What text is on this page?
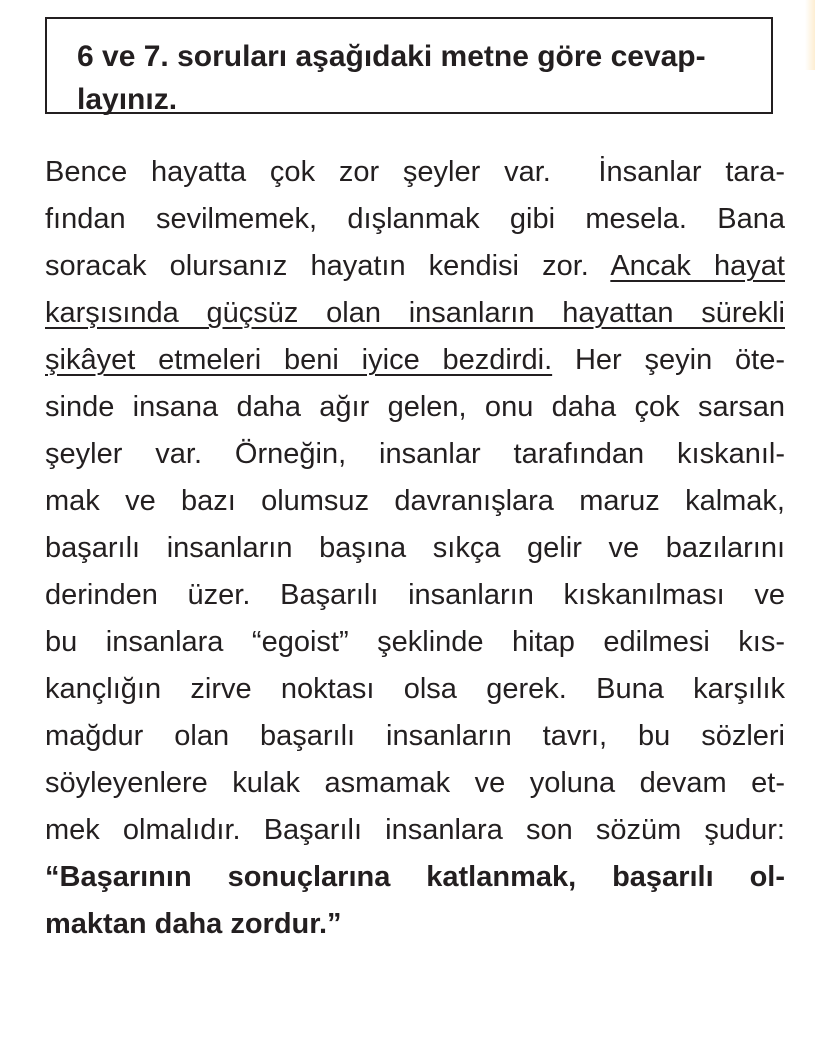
6 ve 7. soruları aşağıdaki metne göre cevap-
layınız.
Bence hayatta çok zor şeyler var.  İnsanlar tara-
fından sevilmemek, dışlanmak gibi mesela. Bana
soracak olursanız hayatın kendisi zor. Ancak hayat
karşısında güçsüz olan insanların hayattan sürekli
şikâyet etmeleri beni iyice bezdirdi. Her şeyin öte-
sinde insana daha ağır gelen, onu daha çok sarsan
şeyler var. Örneğin, insanlar tarafından kıskanıl-
mak ve bazı olumsuz davranışlara maruz kalmak,
başarılı insanların başına sıkça gelir ve bazılarını
derinden üzer. Başarılı insanların kıskanılması ve
bu insanlara “egoist” şeklinde hitap edilmesi kıs-
kançlığın zirve noktası olsa gerek. Buna karşılık
mağdur olan başarılı insanların tavrı, bu sözleri
söyleyenlere kulak asmamak ve yoluna devam et-
mek olmalıdır. Başarılı insanlara son sözüm şudur:
“Başarının sonuçlarına katlanmak, başarılı ol-
maktan daha zordur.”
